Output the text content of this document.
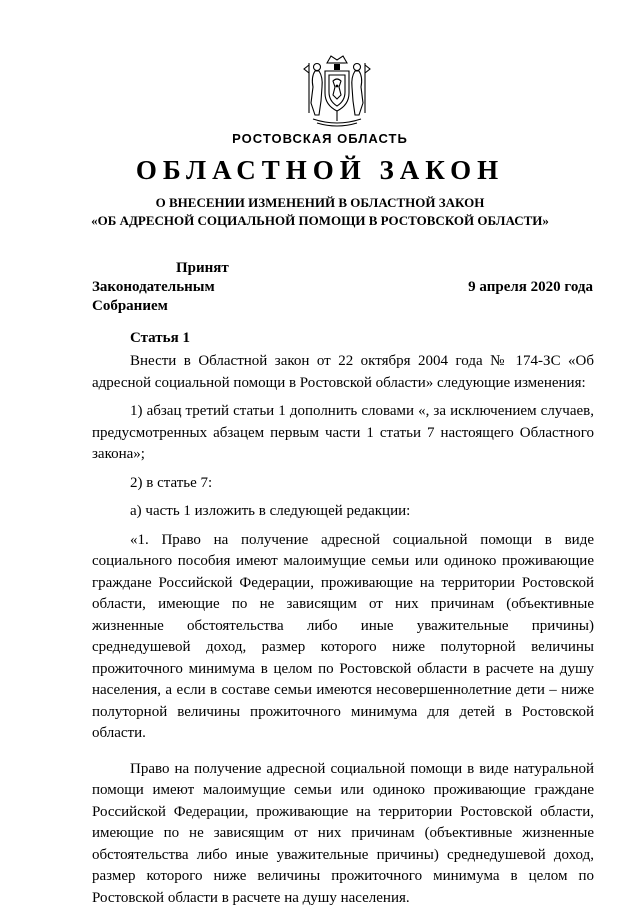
РОСТОВСКАЯ ОБЛАСТЬ
ОБЛАСТНОЙ ЗАКОН
О ВНЕСЕНИИ ИЗМЕНЕНИЙ В ОБЛАСТНОЙ ЗАКОН
«ОБ АДРЕСНОЙ СОЦИАЛЬНОЙ ПОМОЩИ В РОСТОВСКОЙ ОБЛАСТИ»
Принят
Законодательным Собранием
9 апреля 2020 года
Статья 1

Внести в Областной закон от 22 октября 2004 года № 174-ЗС «Об адресной социальной помощи в Ростовской области» следующие изменения:

1) абзац третий статьи 1 дополнить словами «, за исключением случаев, предусмотренных абзацем первым части 1 статьи 7 настоящего Областного закона»;

2) в статье 7:

а) часть 1 изложить в следующей редакции:

«1. Право на получение адресной социальной помощи в виде социального пособия имеют малоимущие семьи или одиноко проживающие граждане Российской Федерации, проживающие на территории Ростовской области, имеющие по не зависящим от них причинам (объективные жизненные обстоятельства либо иные уважительные причины) среднедушевой доход, размер которого ниже полуторной величины прожиточного минимума в целом по Ростовской области в расчете на душу населения, а если в составе семьи имеются несовершеннолетние дети – ниже полуторной величины прожиточного минимума для детей в Ростовской области.

Право на получение адресной социальной помощи в виде натуральной помощи имеют малоимущие семьи или одиноко проживающие граждане Российской Федерации, проживающие на территории Ростовской области, имеющие по не зависящим от них причинам (объективные жизненные обстоятельства либо иные уважительные причины) среднедушевой доход, размер которого ниже величины прожиточного минимума в целом по Ростовской области в расчете на душу населения.
